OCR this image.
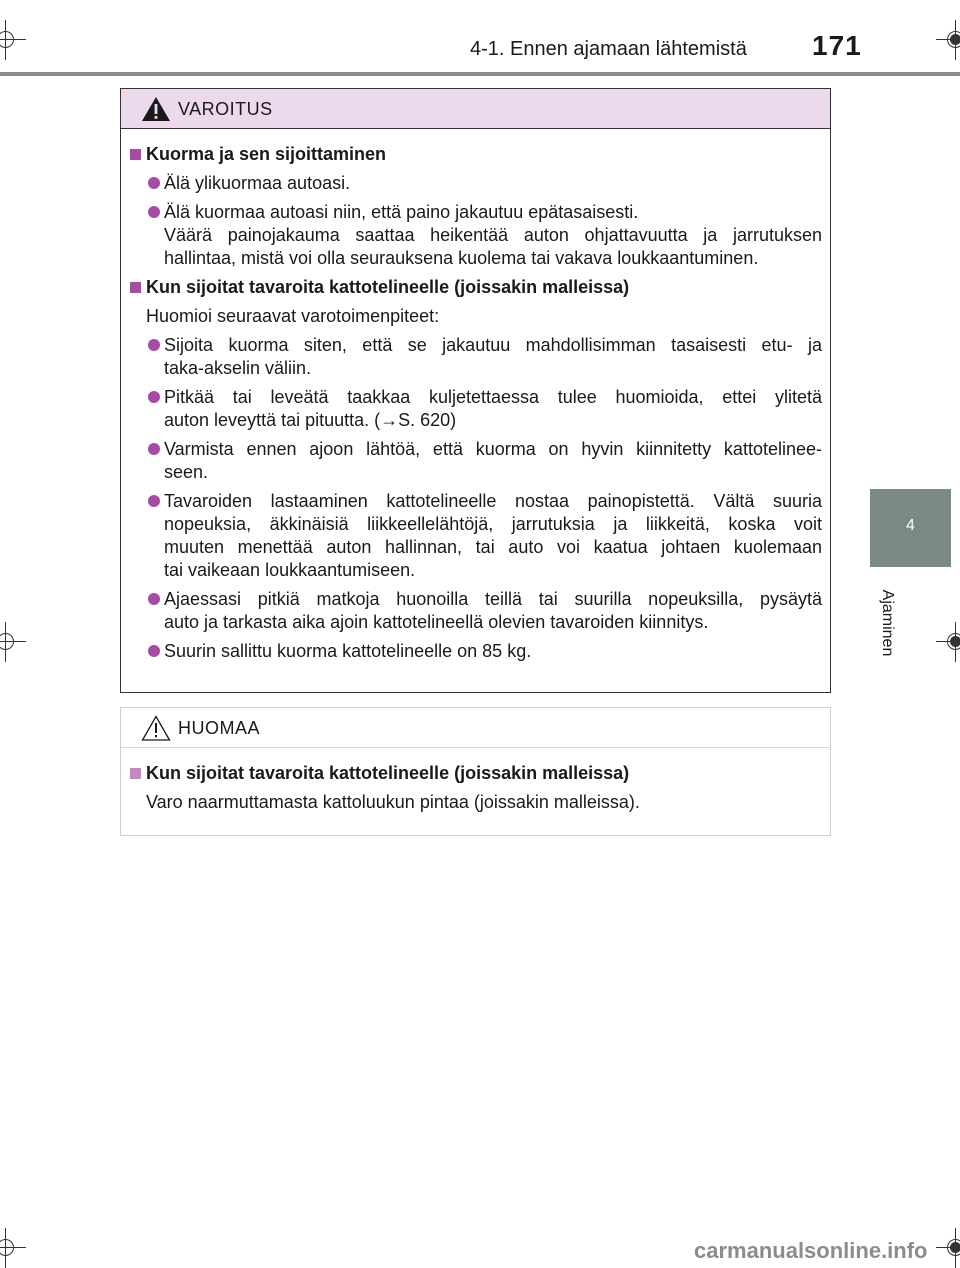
4-1. Ennen ajamaan lähtemistä	171
4
Ajaminen
VAROITUS
Kuorma ja sen sijoittaminen
Älä ylikuormaa autoasi.
Älä kuormaa autoasi niin, että paino jakautuu epätasaisesti.
Väärä painojakauma saattaa heikentää auton ohjattavuutta ja jarrutuksen
hallintaa, mistä voi olla seurauksena kuolema tai vakava loukkaantuminen.
Kun sijoitat tavaroita kattotelineelle (joissakin malleissa)
Huomioi seuraavat varotoimenpiteet:
Sijoita kuorma siten, että se jakautuu mahdollisimman tasaisesti etu- ja
taka-akselin väliin.
Pitkää tai leveätä taakkaa kuljetettaessa tulee huomioida, ettei ylitetä
auton leveyttä tai pituutta. (→S. 620)
Varmista ennen ajoon lähtöä, että kuorma on hyvin kiinnitetty kattotelinee-
seen.
Tavaroiden lastaaminen kattotelineelle nostaa painopistettä. Vältä suuria
nopeuksia, äkkinäisiä liikkeellelähtöjä, jarrutuksia ja liikkeitä, koska voit
muuten menettää auton hallinnan, tai auto voi kaatua johtaen kuolemaan
tai vaikeaan loukkaantumiseen.
Ajaessasi pitkiä matkoja huonoilla teillä tai suurilla nopeuksilla, pysäytä
auto ja tarkasta aika ajoin kattotelineellä olevien tavaroiden kiinnitys.
Suurin sallittu kuorma kattotelineelle on 85 kg.
HUOMAA
Kun sijoitat tavaroita kattotelineelle (joissakin malleissa)
Varo naarmuttamasta kattoluukun pintaa (joissakin malleissa).
carmanualsonline.info
